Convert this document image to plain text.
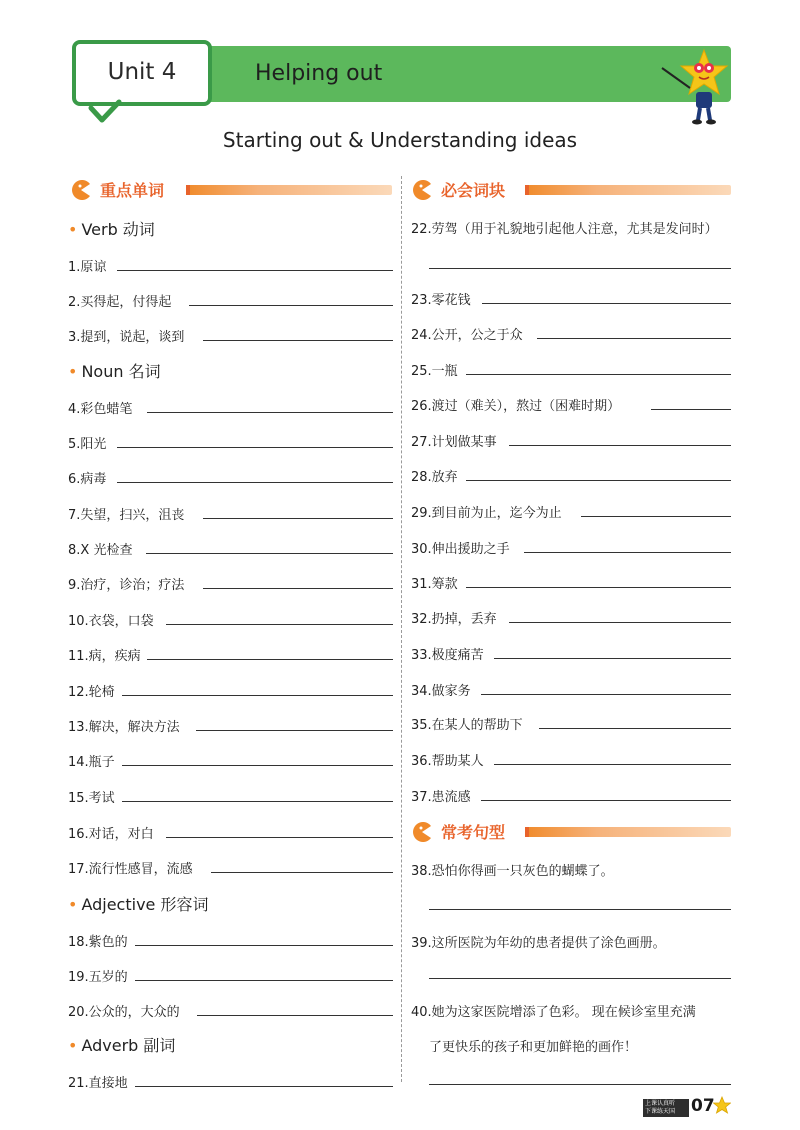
Unit 4	Helping out
Starting out & Understanding ideas
重点单词	必会词块
常考句型
• Verb 动词
• Noun 名词
• Adjective 形容词
• Adverb 副词
1.原谅
2.买得起，付得起
3.提到，说起，谈到
4.彩色蜡笔
5.阳光
6.病毒
7.失望，扫兴，沮丧
8.X 光检查
9.治疗，诊治；疗法
10.衣袋，口袋
11.病，疾病
12.轮椅
13.解决，解决方法
14.瓶子
15.考试
16.对话，对白
17.流行性感冒，流感
18.紫色的
19.五岁的
20.公众的，大众的
21.直接地
22.劳驾（用于礼貌地引起他人注意，尤其是发问时）
23.零花钱
24.公开，公之于众
25.一瓶
26.渡过（难关），熬过（困难时期）
27.计划做某事
28.放弃
29.到目前为止，迄今为止
30.伸出援助之手
31.筹款
32.扔掉，丢弃
33.极度痛苦
34.做家务
35.在某人的帮助下
36.帮助某人
37.患流感
38.恐怕你得画一只灰色的蝴蝶了。
39.这所医院为年幼的患者提供了涂色画册。
40.她为这家医院增添了色彩。 现在候诊室里充满
了更快乐的孩子和更加鲜艳的画作！
上课认真听
下课练天国 07
